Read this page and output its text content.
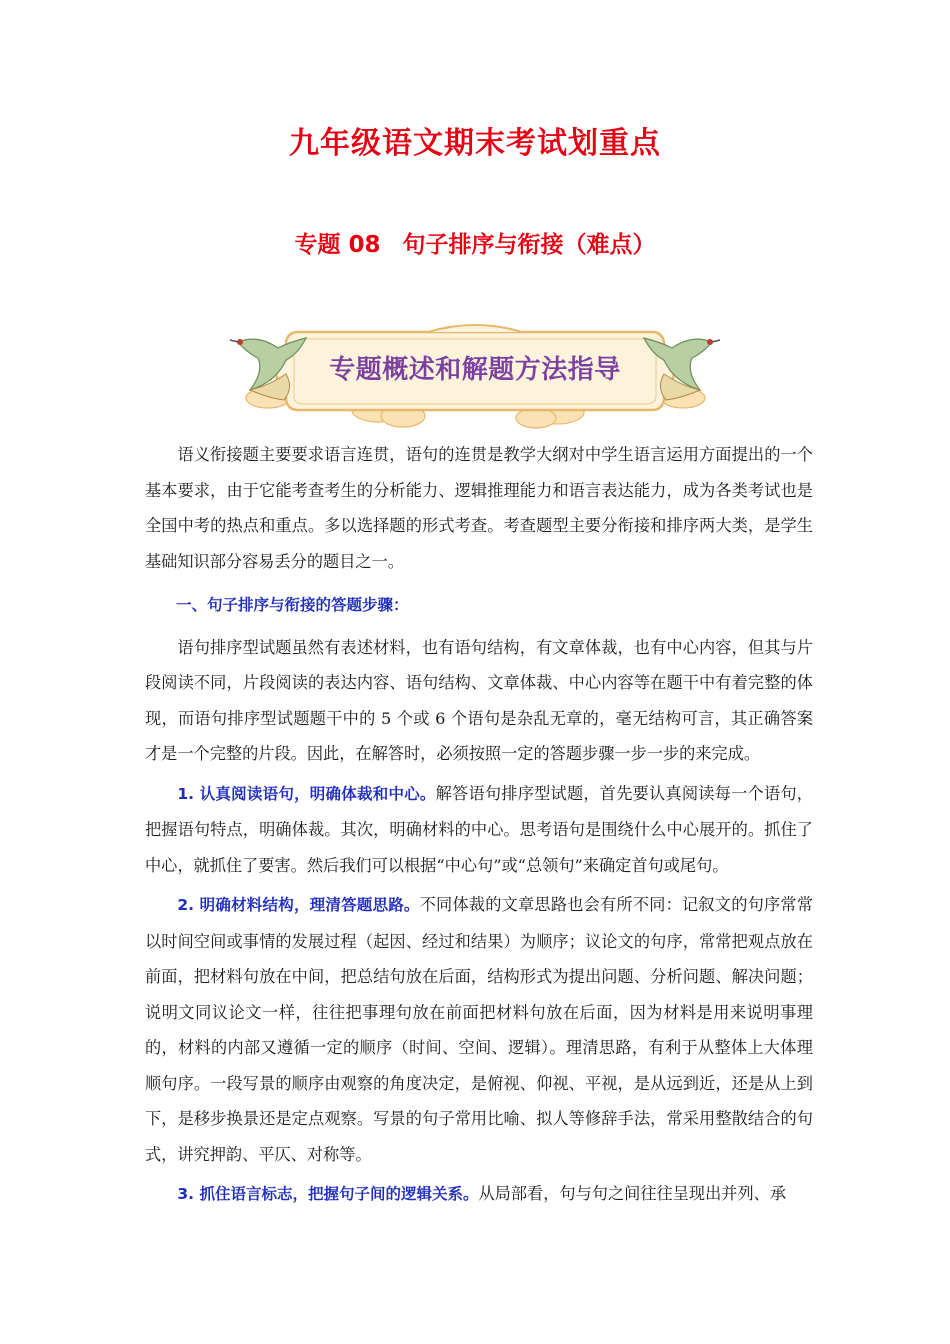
九年级语文期末考试划重点
专题 08 句子排序与衔接（难点）
专题概述和解题方法指导

语义衔接题主要要求语言连贯，语句的连贯是教学大纲对中学生语言运用方面提出的一个基本要求，由于它能考查考生的分析能力、逻辑推理能力和语言表达能力，成为各类考试也是全国中考的热点和重点。多以选择题的形式考查。考查题型主要分衔接和排序两大类，是学生基础知识部分容易丢分的题目之一。

一、句子排序与衔接的答题步骤：

语句排序型试题虽然有表述材料，也有语句结构，有文章体裁，也有中心内容，但其与片段阅读不同，片段阅读的表达内容、语句结构、文章体裁、中心内容等在题干中有着完整的体现，而语句排序型试题题干中的 5 个或 6 个语句是杂乱无章的，毫无结构可言，其正确答案才是一个完整的片段。因此，在解答时，必须按照一定的答题步骤一步一步的来完成。

1. 认真阅读语句，明确体裁和中心。解答语句排序型试题，首先要认真阅读每一个语句，把握语句特点，明确体裁。其次，明确材料的中心。思考语句是围绕什么中心展开的。抓住了中心，就抓住了要害。然后我们可以根据“中心句”或“总领句”来确定首句或尾句。

2. 明确材料结构，理清答题思路。不同体裁的文章思路也会有所不同：记叙文的句序常常以时间空间或事情的发展过程（起因、经过和结果）为顺序；议论文的句序，常常把观点放在前面，把材料句放在中间，把总结句放在后面，结构形式为提出问题、分析问题、解决问题；说明文同议论文一样，往往把事理句放在前面把材料句放在后面，因为材料是用来说明事理的，材料的内部又遵循一定的顺序（时间、空间、逻辑）。理清思路，有利于从整体上大体理顺句序。一段写景的顺序由观察的角度决定，是俯视、仰视、平视，是从远到近，还是从上到下，是移步换景还是定点观察。写景的句子常用比喻、拟人等修辞手法，常采用整散结合的句式，讲究押韵、平仄、对称等。

3. 抓住语言标志，把握句子间的逻辑关系。从局部看，句与句之间往往呈现出并列、承
